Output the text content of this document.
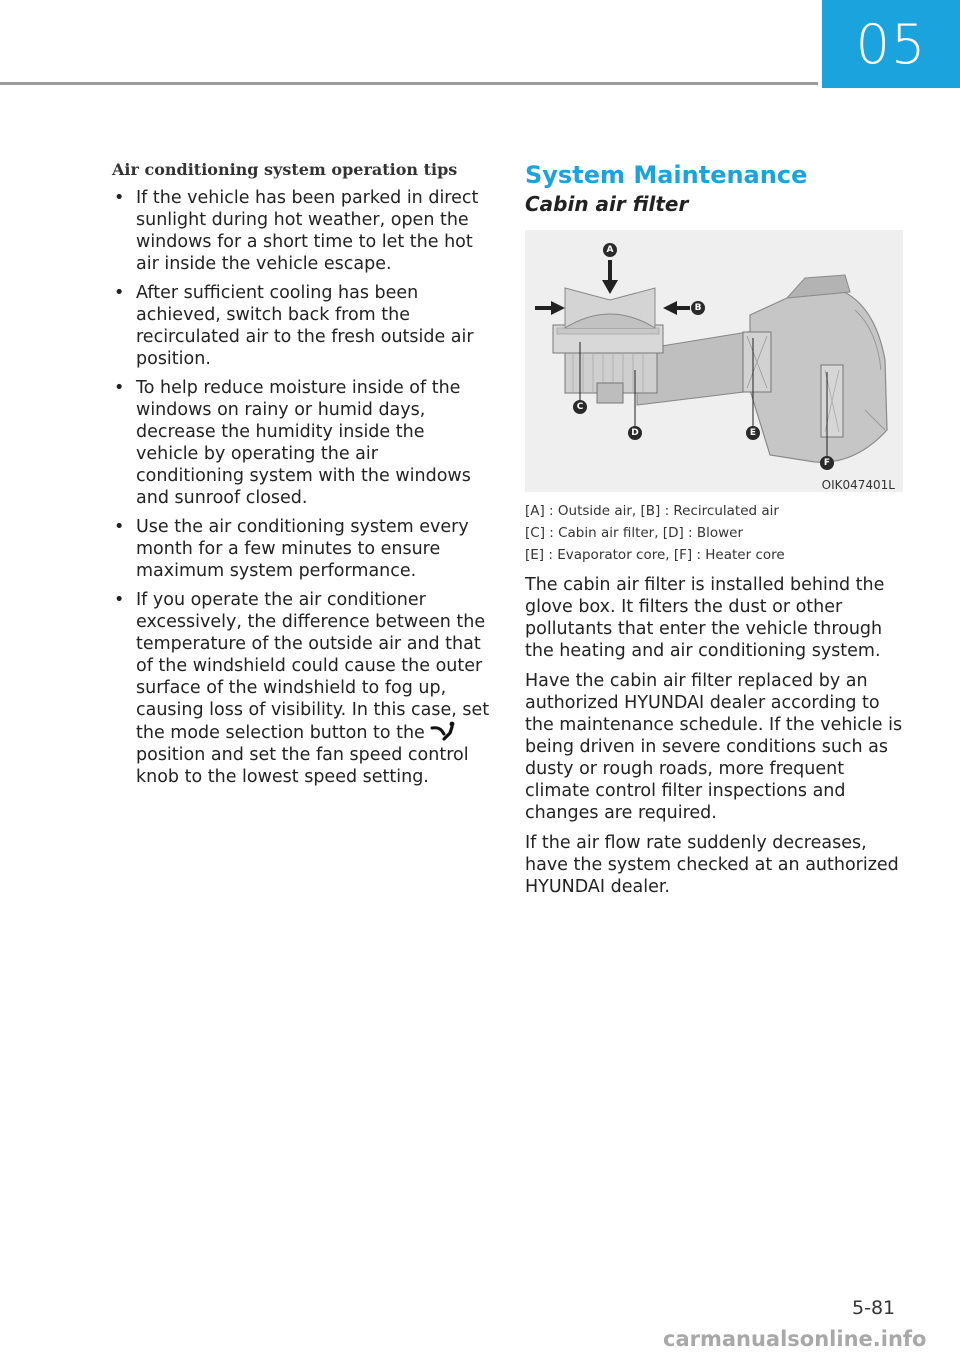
05
Air conditioning system operation tips
• If the vehicle has been parked in direct sunlight during hot weather, open the windows for a short time to let the hot air inside the vehicle escape.
• After sufficient cooling has been achieved, switch back from the recirculated air to the fresh outside air position.
• To help reduce moisture inside of the windows on rainy or humid days, decrease the humidity inside the vehicle by operating the air conditioning system with the windows and sunroof closed.
• Use the air conditioning system every month for a few minutes to ensure maximum system performance.
• If you operate the air conditioner excessively, the difference between the temperature of the outside air and that of the windshield could cause the outer surface of the windshield to fog up, causing loss of visibility. In this case, set the mode selection button to the  position and set the fan speed control knob to the lowest speed setting.
System Maintenance
Cabin air filter
A
B
C
D	E
F
OIK047401L
[A] : Outside air, [B] : Recirculated air
[C] : Cabin air filter, [D] : Blower
[E] : Evaporator core, [F] : Heater core

The cabin air filter is installed behind the glove box. It filters the dust or other pollutants that enter the vehicle through the heating and air conditioning system.

Have the cabin air filter replaced by an authorized HYUNDAI dealer according to the maintenance schedule. If the vehicle is being driven in severe conditions such as dusty or rough roads, more frequent climate control filter inspections and changes are required.

If the air flow rate suddenly decreases, have the system checked at an authorized HYUNDAI dealer.

5-81
carmanualsonline.info
